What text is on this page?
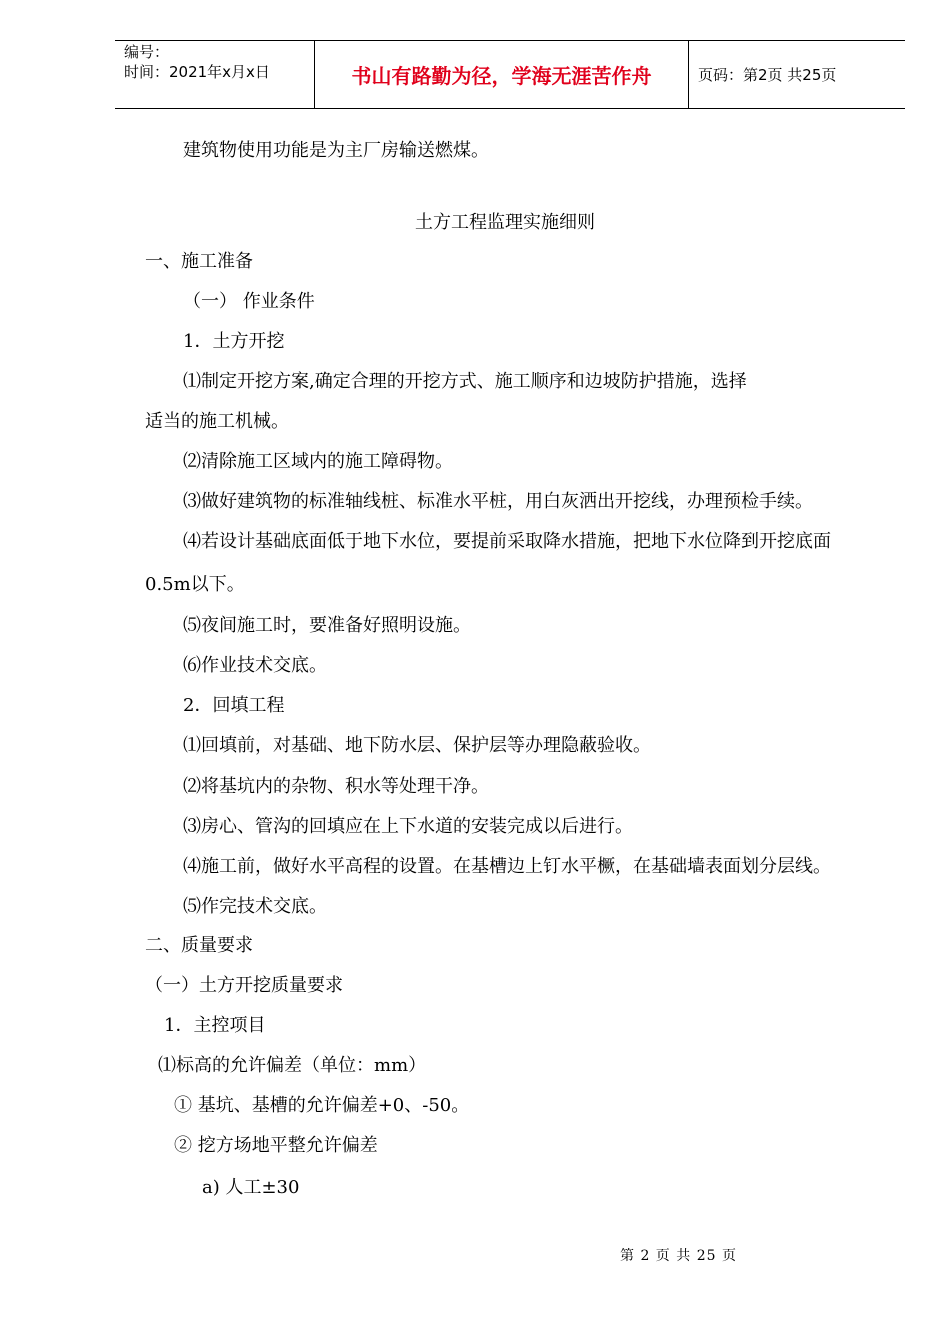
编号：
时间：2021年x月x日	书山有路勤为径，学海无涯苦作舟	页码：第2页 共25页
建筑物使用功能是为主厂房输送燃煤。
土方工程监理实施细则
一、施工准备
（一） 作业条件
1．土方开挖
⑴制定开挖方案,确定合理的开挖方式、施工顺序和边坡防护措施，选择
适当的施工机械。
⑵清除施工区域内的施工障碍物。
⑶做好建筑物的标准轴线桩、标准水平桩，用白灰洒出开挖线，办理预检手续。
⑷若设计基础底面低于地下水位，要提前采取降水措施，把地下水位降到开挖底面
0.5m以下。
⑸夜间施工时，要准备好照明设施。
⑹作业技术交底。
2．回填工程
⑴回填前，对基础、地下防水层、保护层等办理隐蔽验收。
⑵将基坑内的杂物、积水等处理干净。
⑶房心、管沟的回填应在上下水道的安装完成以后进行。
⑷施工前，做好水平高程的设置。在基槽边上钉水平橛，在基础墙表面划分层线。
⑸作完技术交底。
二、质量要求
（一）土方开挖质量要求
1．主控项目
⑴标高的允许偏差（单位：mm）
① 基坑、基槽的允许偏差+0、-50。
② 挖方场地平整允许偏差
a) 人工±30
第 2 页 共 25 页
